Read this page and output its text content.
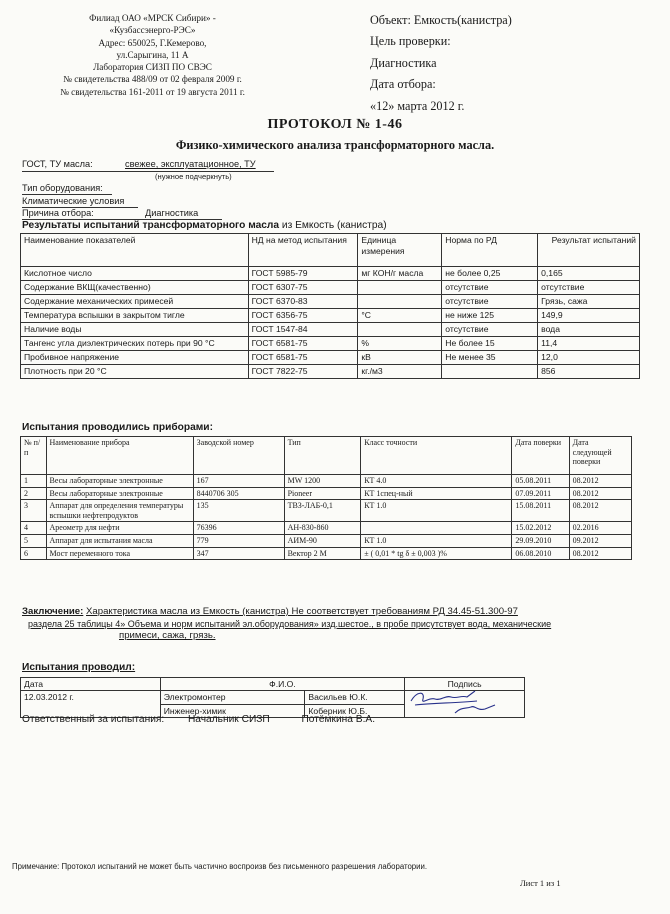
Филиад ОАО «МРСК Сибири» -
«Кузбассэнерго-РЭС»
Адрес: 650025, Г.Кемерово,
ул.Сарыгина, 11 А
Лаборатория СИЗП ПО СВЭС
№ свидетельства 488/09 от 02 февраля 2009 г.
№ свидетельства 161-2011 от 19 августа 2011 г.
Объект: Емкость(канистра)
Цель проверки:
Диагностика
Дата отбора:
«12» марта 2012 г.
ПРОТОКОЛ № 1-46
Физико-химического анализа трансформаторного масла.
ГОСТ, ТУ масла:	свежее, эксплуатационное, ТУ
(нужное подчеркнуть)
Тип оборудования:
Климатические условия
Причина отбора:	Диагностика
Результаты испытаний трансформаторного масла из Емкость (канистра)
Наименование показателей	НД на метод испытания	Единица измерения	Норма по РД	Результат испытаний
Кислотное число	ГОСТ 5985-79	мг КОН/г масла	не более 0,25	0,165
Содержание ВКЩ(качественно)	ГОСТ 6307-75		отсутствие	отсутствие
Содержание механических примесей	ГОСТ 6370-83		отсутствие	Грязь, сажа
Температура вспышки в закрытом тигле	ГОСТ 6356-75	°С	не ниже 125	149,9
Наличие воды	ГОСТ 1547-84		отсутствие	вода
Тангенс угла диэлектрических потерь при 90 °С	ГОСТ 6581-75	%	Не более 15	11,4
Пробивное напряжение	ГОСТ 6581-75	кВ	Не менее 35	12,0
Плотность при 20 °С	ГОСТ 7822-75	кг./м3		856
Испытания проводились приборами:
№ п/п	Наименование прибора	Заводской номер	Тип	Класс точности	Дата поверки	Дата следующей поверки
1	Весы лабораторные электронные	167	MW 1200	КТ 4.0	05.08.2011	08.2012
2	Весы лабораторные электронные	8440706 305	Pioneer	КТ 1спец-ный	07.09.2011	08.2012
3	Аппарат для определения температуры вспышки нефтепродуктов	135	ТВЗ-ЛАБ-0,1	КТ 1.0	15.08.2011	08.2012
4	Ареометр для нефти	76396	АН-830-860		15.02.2012	02.2016
5	Аппарат для испытания масла	779	АИМ-90	КТ 1.0	29.09.2010	09.2012
6	Мост переменного тока	347	Вектор 2 М	± ( 0,01 * tg δ ± 0,003 )%	06.08.2010	08.2012
Заключение: Характеристика масла из Емкость (канистра) Не соответствует требованиям РД 34.45-51.300-97
раздела 25 таблицы 4» Объема и норм испытаний эл.оборудования» изд.шестое., в пробе присутствует вода, механические
примеси, сажа, грязь.
Испытания проводил:
Дата	Ф.И.О.		Подпись
12.03.2012 г.	Электромонтер	Васильев Ю.К.	

	Инженер-химик	Коберник Ю.Б.	
Ответственный за испытания: Начальник СИЗП	Потёмкина В.А.
Примечание: Протокол испытаний не может быть частично воспроизв без письменного разрешения лаборатории.
Лист 1 из 1
